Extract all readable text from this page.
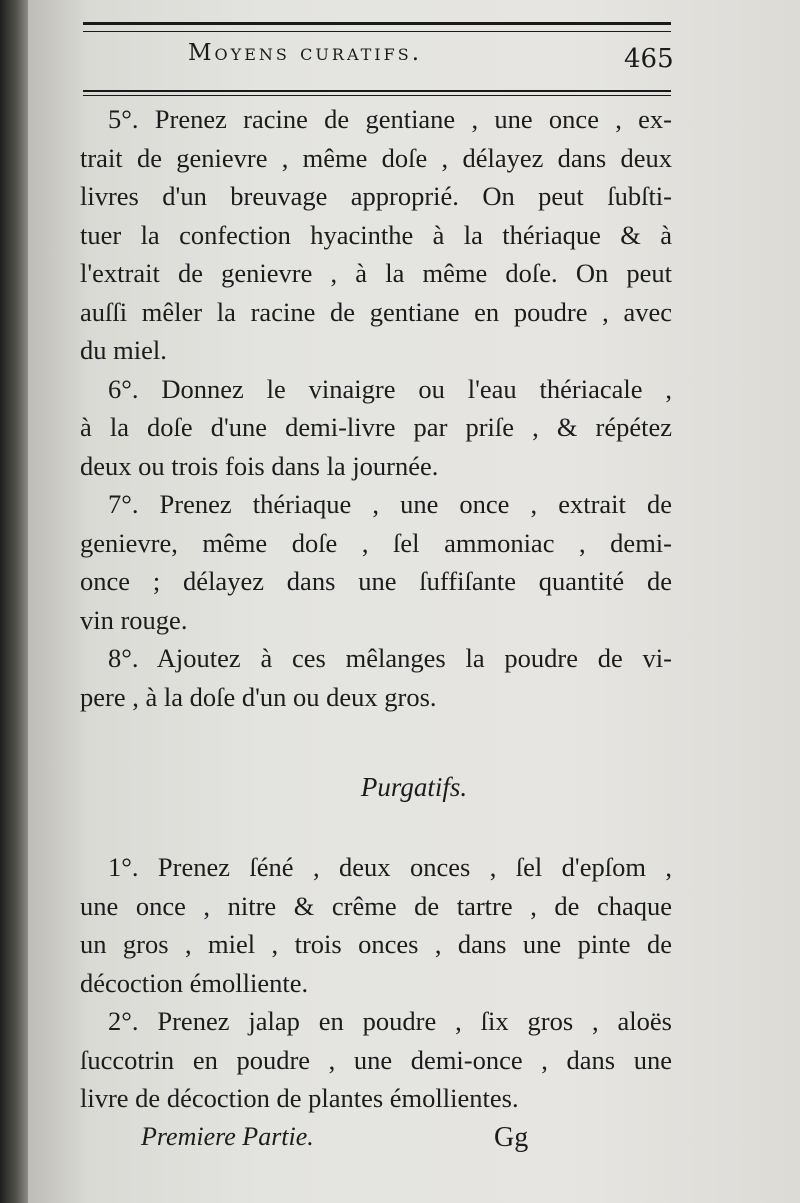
Moyens curatifs.	465
5°. Prenez racine de gentiane , une once , ex-
trait de genievre , même doſe , délayez dans deux
livres d'un breuvage approprié. On peut ſubſti-
tuer la confection hyacinthe à la thériaque & à
l'extrait de genievre , à la même doſe. On peut
auſſi mêler la racine de gentiane en poudre , avec
du miel.
6°. Donnez le vinaigre ou l'eau thériacale ,
à la doſe d'une demi-livre par priſe , & répétez
deux ou trois fois dans la journée.
7°. Prenez thériaque , une once , extrait de
genievre, même doſe , ſel ammoniac , demi-
once ; délayez dans une ſuffiſante quantité de
vin rouge.
8°. Ajoutez à ces mêlanges la poudre de vi-
pere , à la doſe d'un ou deux gros.
Purgatifs.
1°. Prenez ſéné , deux onces , ſel d'epſom ,
une once , nitre & crême de tartre , de chaque
un gros , miel , trois onces , dans une pinte de
décoction émolliente.
2°. Prenez jalap en poudre , ſix gros , aloës
ſuccotrin en poudre , une demi-once , dans une
livre de décoction de plantes émollientes.
Premiere Partie.	Gg
